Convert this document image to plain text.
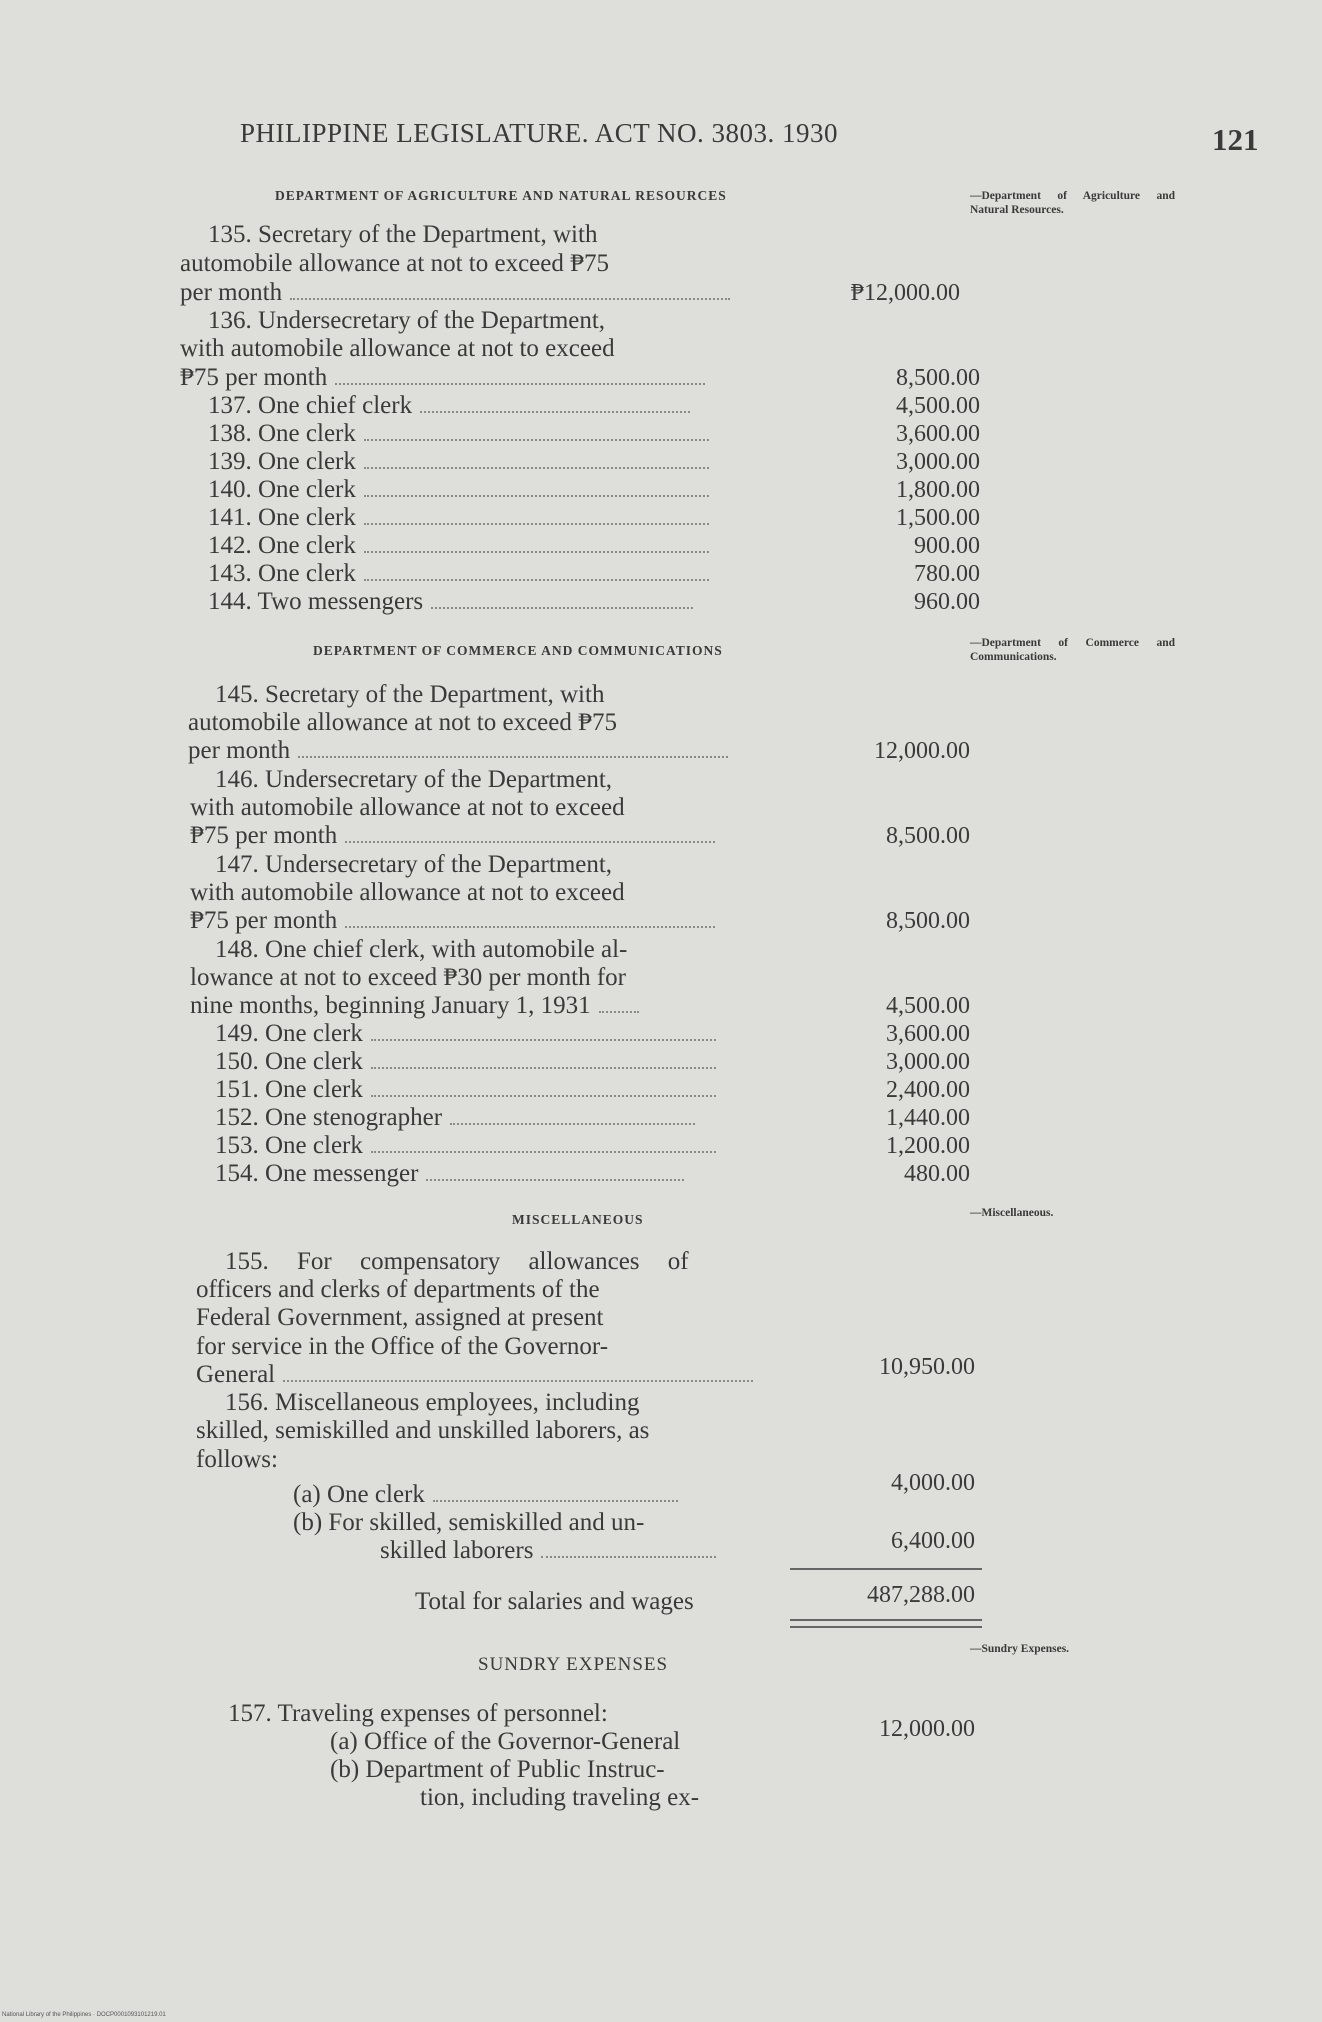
PHILIPPINE LEGISLATURE. ACT NO. 3803. 1930	121
DEPARTMENT OF AGRICULTURE AND NATURAL RESOURCES	—Department of Agriculture and Natural Resources.
135. Secretary of the Department, with
automobile allowance at not to exceed ₱75
per month	₱12,000.00
136. Undersecretary of the Department,
with automobile allowance at not to exceed
₱75 per month	8,500.00
137. One chief clerk	4,500.00
138. One clerk	3,600.00
139. One clerk	3,000.00
140. One clerk	1,800.00
141. One clerk	1,500.00
142. One clerk	900.00
143. One clerk	780.00
144. Two messengers	960.00
DEPARTMENT OF COMMERCE AND COMMUNICATIONS	—Department of Commerce and Communications.
145. Secretary of the Department, with
automobile allowance at not to exceed ₱75
per month	12,000.00
146. Undersecretary of the Department,
with automobile allowance at not to exceed
₱75 per month	8,500.00
147. Undersecretary of the Department,
with automobile allowance at not to exceed
₱75 per month	8,500.00
148. One chief clerk, with automobile al-
lowance at not to exceed ₱30 per month for
nine months, beginning January 1, 1931	4,500.00
149. One clerk	3,600.00
150. One clerk	3,000.00
151. One clerk	2,400.00
152. One stenographer	1,440.00
153. One clerk	1,200.00
154. One messenger	480.00
MISCELLANEOUS	—Miscellaneous.
155. For compensatory allowances of
officers and clerks of departments of the
Federal Government, assigned at present
for service in the Office of the Governor-
General	10,950.00
156. Miscellaneous employees, including
skilled, semiskilled and unskilled laborers, as
follows:
(a) One clerk	4,000.00
(b) For skilled, semiskilled and un-
skilled laborers	6,400.00
Total for salaries and wages	487,288.00
SUNDRY EXPENSES
—Sundry Expenses.
157. Traveling expenses of personnel:
(a) Office of the Governor-General	12,000.00
(b) Department of Public Instruc-
tion, including traveling ex-
National Library of the Philippines · DOCP0001093101219.01
